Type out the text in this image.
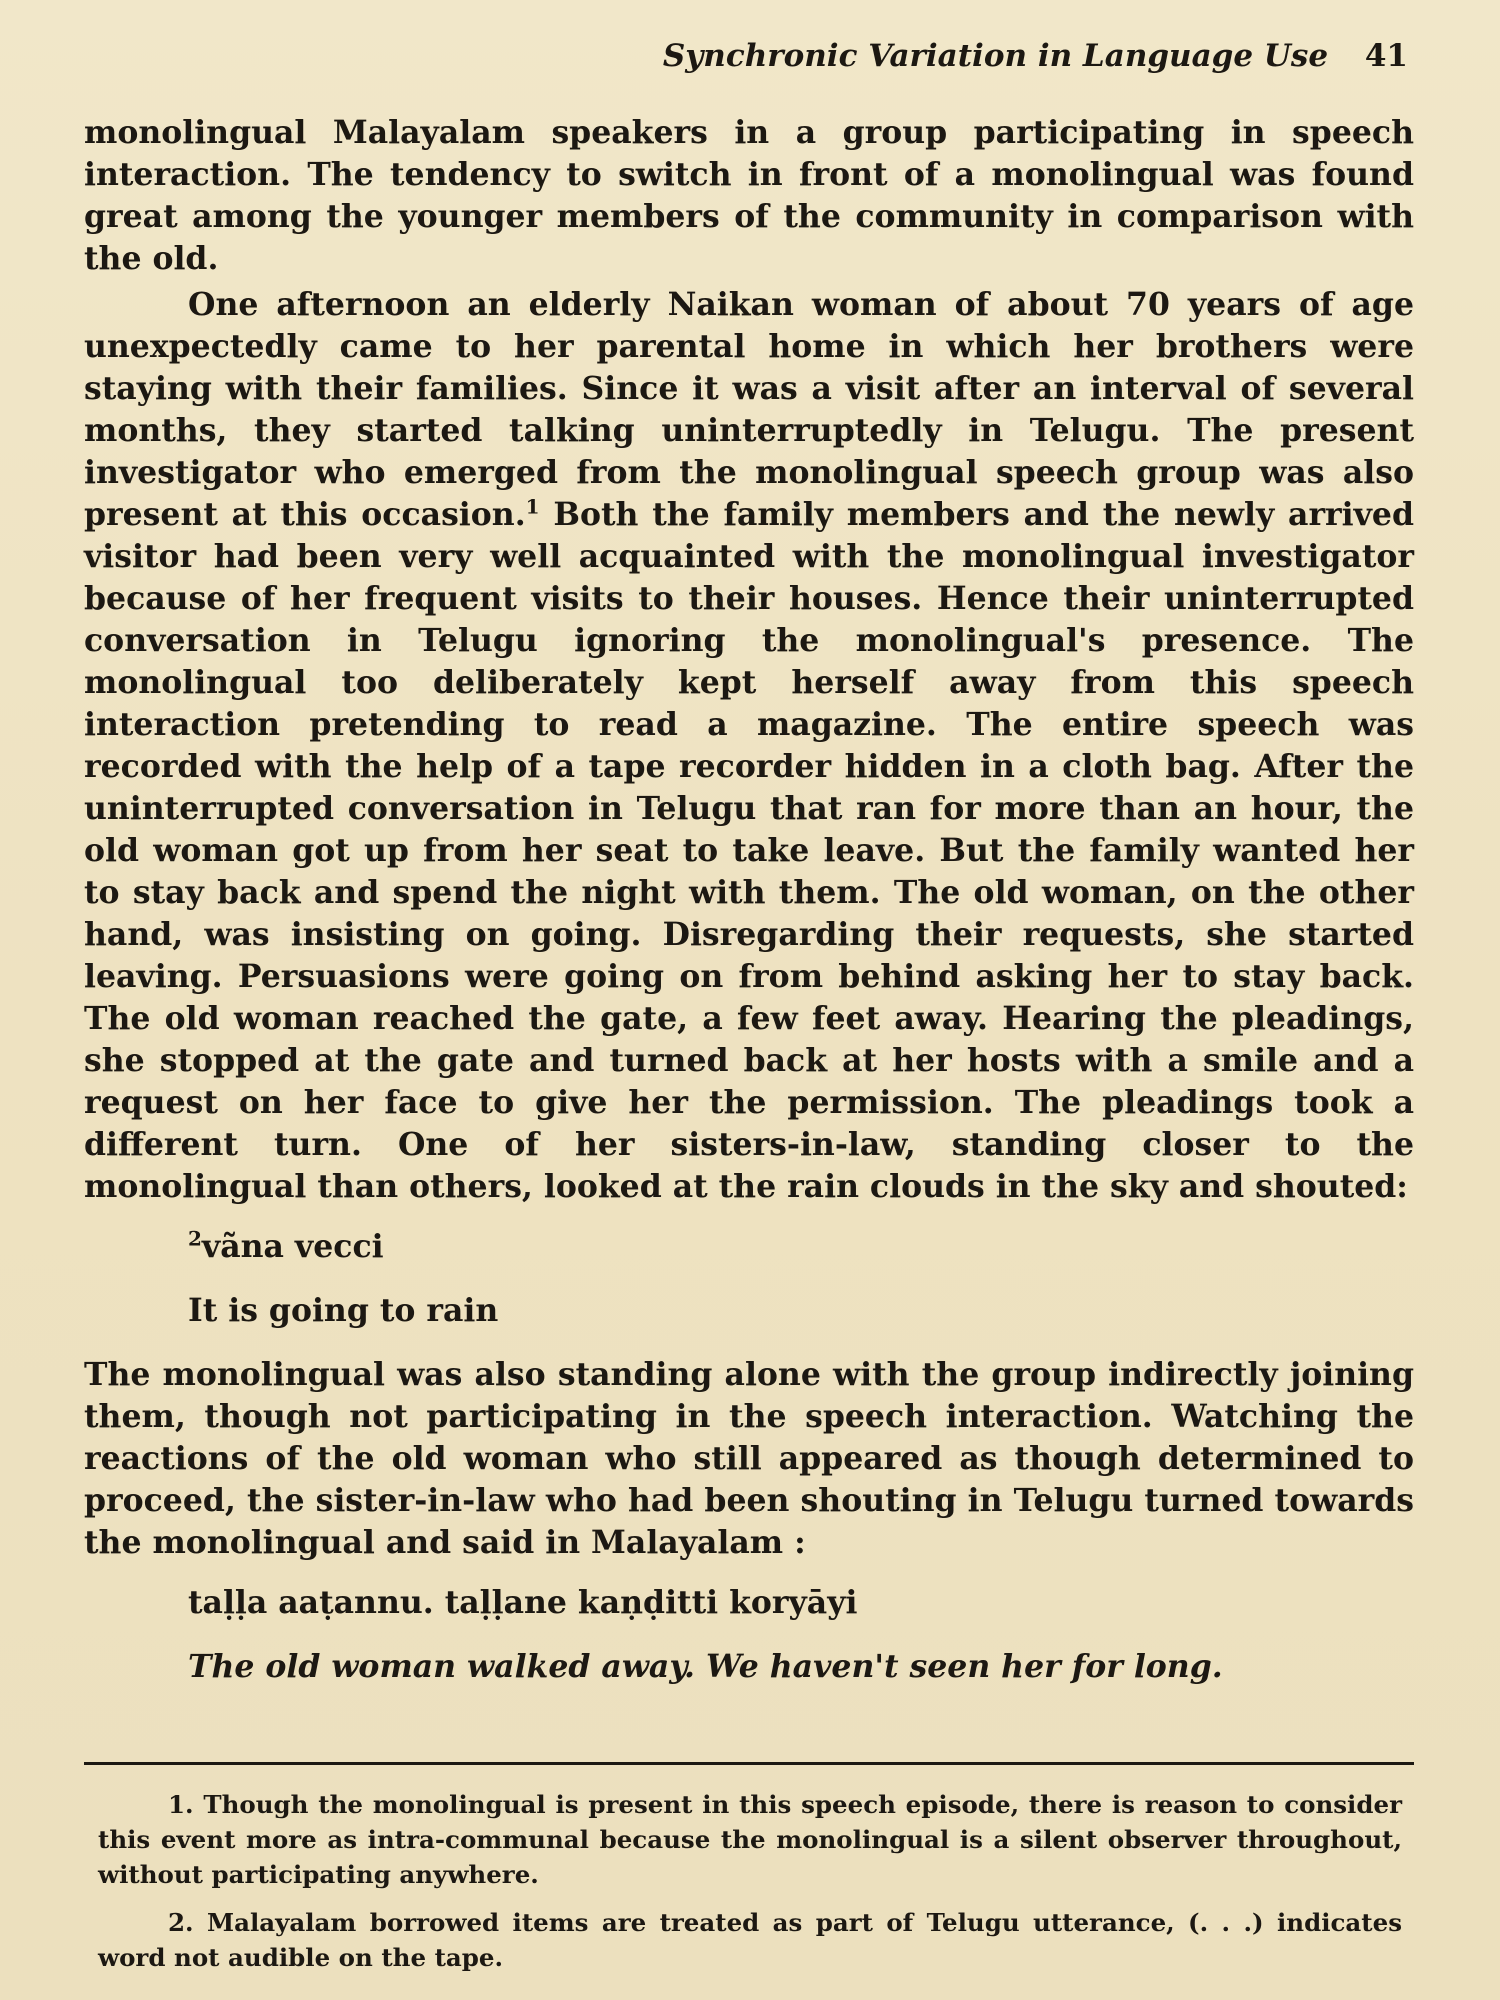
Synchronic Variation in Language Use 41

monolingual Malayalam speakers in a group participating in speech interaction. The tendency to switch in front of a monolingual was found great among the younger members of the community in comparison with the old.

One afternoon an elderly Naikan woman of about 70 years of age unexpectedly came to her parental home in which her brothers were staying with their families. Since it was a visit after an interval of several months, they started talking uninterruptedly in Telugu. The present investigator who emerged from the monolingual speech group was also present at this occasion.$^1$ Both the family members and the newly arrived visitor had been very well acquainted with the monolingual investigator because of her frequent visits to their houses. Hence their uninterrupted conversation in Telugu ignoring the monolingual's presence. The monolingual too deliberately kept herself away from this speech interaction pretending to read a magazine. The entire speech was recorded with the help of a tape recorder hidden in a cloth bag. After the uninterrupted conversation in Telugu that ran for more than an hour, the old woman got up from her seat to take leave. But the family wanted her to stay back and spend the night with them. The old woman, on the other hand, was insisting on going. Disregarding their requests, she started leaving. Persuasions were going on from behind asking her to stay back. The old woman reached the gate, a few feet away. Hearing the pleadings, she stopped at the gate and turned back at her hosts with a smile and a request on her face to give her the permission. The pleadings took a different turn. One of her sisters-in-law, standing closer to the monolingual than others, looked at the rain clouds in the sky and shouted:

$^2$vãna vecci

It is going to rain

The monolingual was also standing alone with the group indirectly joining them, though not participating in the speech interaction. Watching the reactions of the old woman who still appeared as though determined to proceed, the sister-in-law who had been shouting in Telugu turned towards the monolingual and said in Malayalam :

taḷḷa aaṭannu. taḷḷane kaṇḍitti koryāyi

The old woman walked away. We haven't seen her for long.

1. Though the monolingual is present in this speech episode, there is reason to consider this event more as intra-communal because the monolingual is a silent observer throughout, without participating anywhere.

2. Malayalam borrowed items are treated as part of Telugu utterance, (. . .) indicates word not audible on the tape.
